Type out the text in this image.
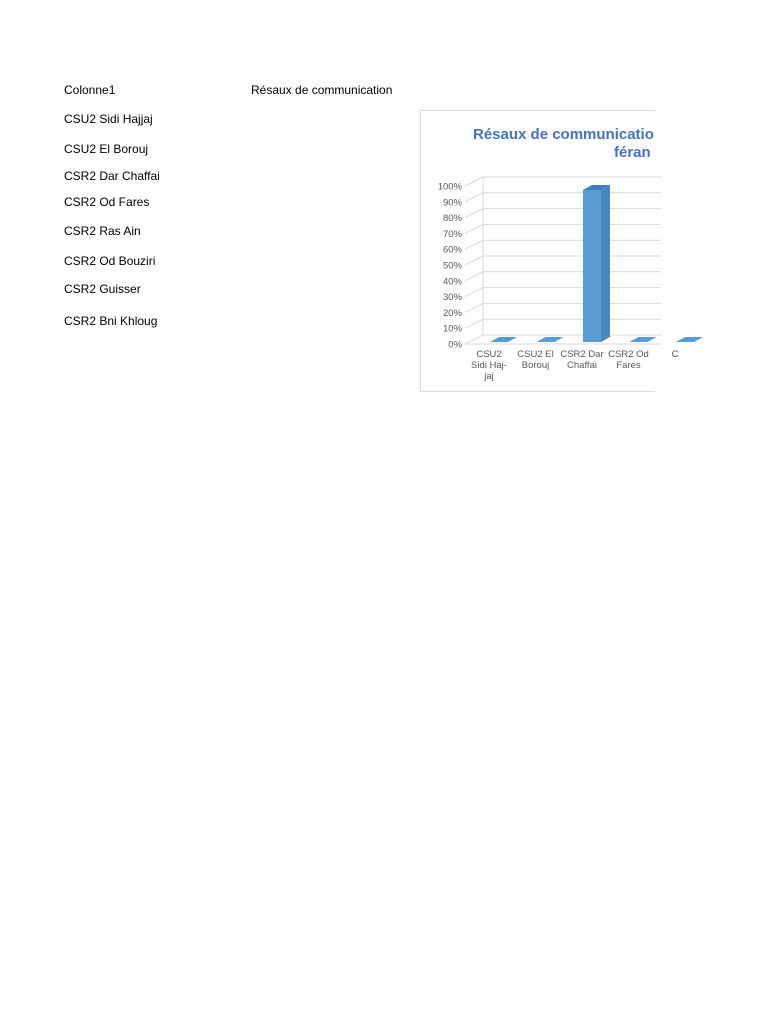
Colonne1	Résaux de communication
CSU2 Sidi Hajjaj
CSU2 El Borouj
CSR2 Dar Chaffai
CSR2 Od Fares
CSR2 Ras Ain
CSR2 Od Bouziri
CSR2 Guisser
CSR2 Bni Khloug
0%
10%
20%
30%
40%
50%
60%
70%
80%
90%
100%
CSU2
Sidi Haj-
jaj
CSU2 El
Borouj
CSR2 Dar
Chaffai
CSR2 Od
Fares
C
Résaux de communicatio
féran
